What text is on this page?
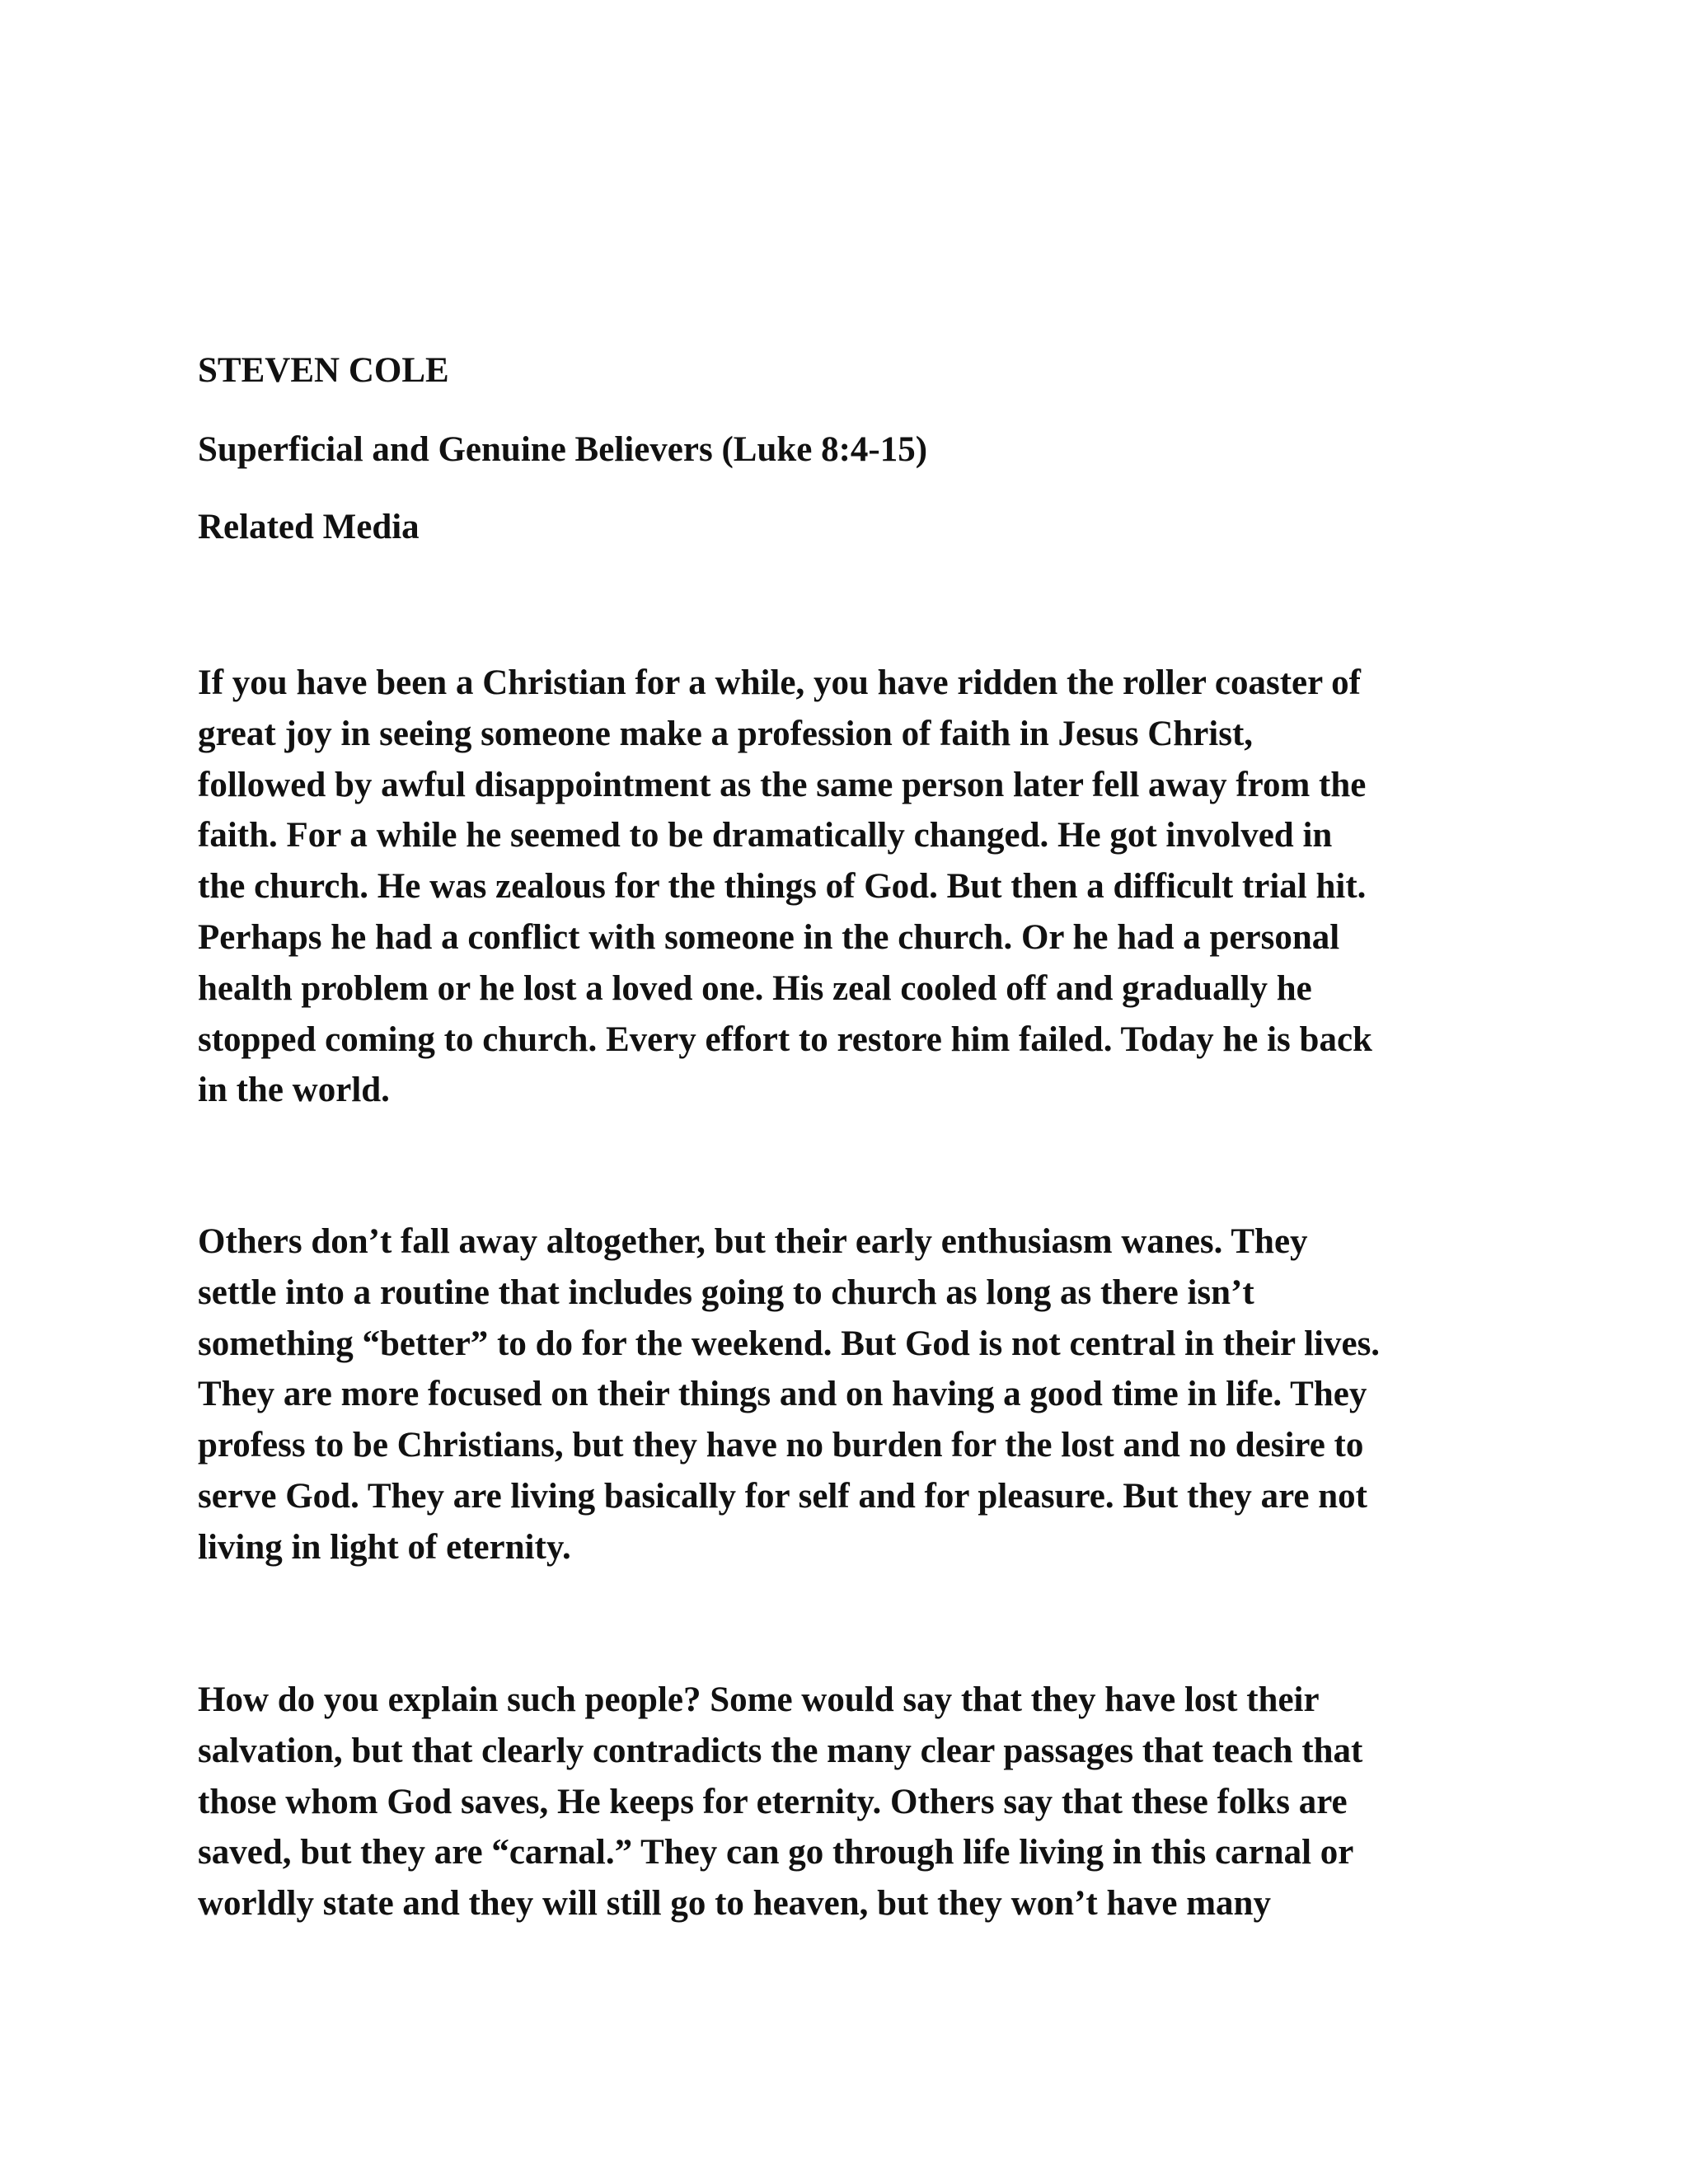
STEVEN COLE

Superficial and Genuine Believers (Luke 8:4-15)

Related Media

If you have been a Christian for a while, you have ridden the roller coaster of
great joy in seeing someone make a profession of faith in Jesus Christ,
followed by awful disappointment as the same person later fell away from the
faith. For a while he seemed to be dramatically changed. He got involved in
the church. He was zealous for the things of God. But then a difficult trial hit.
Perhaps he had a conflict with someone in the church. Or he had a personal
health problem or he lost a loved one. His zeal cooled off and gradually he
stopped coming to church. Every effort to restore him failed. Today he is back
in the world.
Others don’t fall away altogether, but their early enthusiasm wanes. They
settle into a routine that includes going to church as long as there isn’t
something “better” to do for the weekend. But God is not central in their lives.
They are more focused on their things and on having a good time in life. They
profess to be Christians, but they have no burden for the lost and no desire to
serve God. They are living basically for self and for pleasure. But they are not
living in light of eternity.
How do you explain such people? Some would say that they have lost their
salvation, but that clearly contradicts the many clear passages that teach that
those whom God saves, He keeps for eternity. Others say that these folks are
saved, but they are “carnal.” They can go through life living in this carnal or
worldly state and they will still go to heaven, but they won’t have many
